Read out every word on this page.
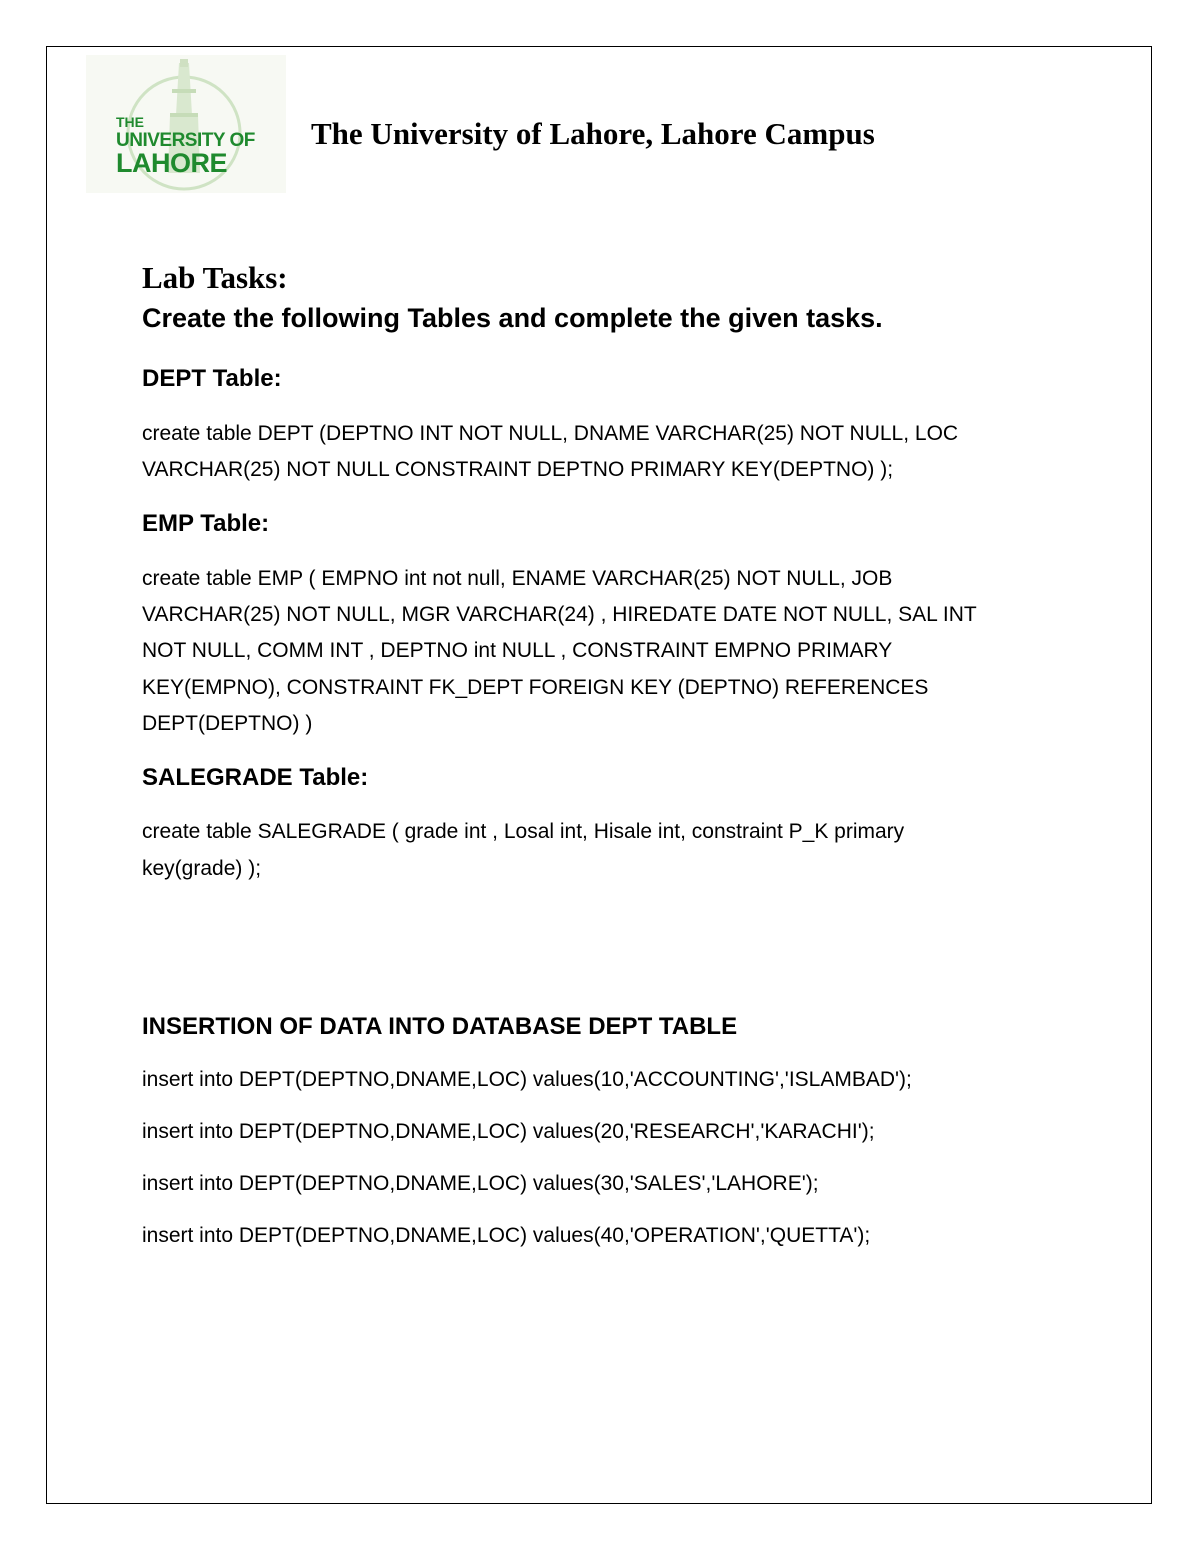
THE
UNIVERSITY OF
LAHORE
The University of Lahore, Lahore Campus
Lab Tasks:
Create the following Tables and complete the given tasks.
DEPT Table:
create table DEPT (DEPTNO INT NOT NULL, DNAME VARCHAR(25) NOT NULL, LOC
VARCHAR(25) NOT NULL CONSTRAINT DEPTNO PRIMARY KEY(DEPTNO) );
EMP Table:
create table EMP ( EMPNO int not null, ENAME VARCHAR(25) NOT NULL, JOB
VARCHAR(25) NOT NULL, MGR VARCHAR(24) , HIREDATE DATE NOT NULL, SAL INT
NOT NULL, COMM INT , DEPTNO int NULL , CONSTRAINT EMPNO PRIMARY
KEY(EMPNO), CONSTRAINT FK_DEPT FOREIGN KEY (DEPTNO) REFERENCES
DEPT(DEPTNO) )
SALEGRADE Table:
create table SALEGRADE ( grade int , Losal int, Hisale int, constraint P_K primary
key(grade) );
INSERTION OF DATA INTO DATABASE DEPT TABLE
insert into DEPT(DEPTNO,DNAME,LOC) values(10,'ACCOUNTING','ISLAMBAD');
insert into DEPT(DEPTNO,DNAME,LOC) values(20,'RESEARCH','KARACHI');
insert into DEPT(DEPTNO,DNAME,LOC) values(30,'SALES','LAHORE');
insert into DEPT(DEPTNO,DNAME,LOC) values(40,'OPERATION','QUETTA');
